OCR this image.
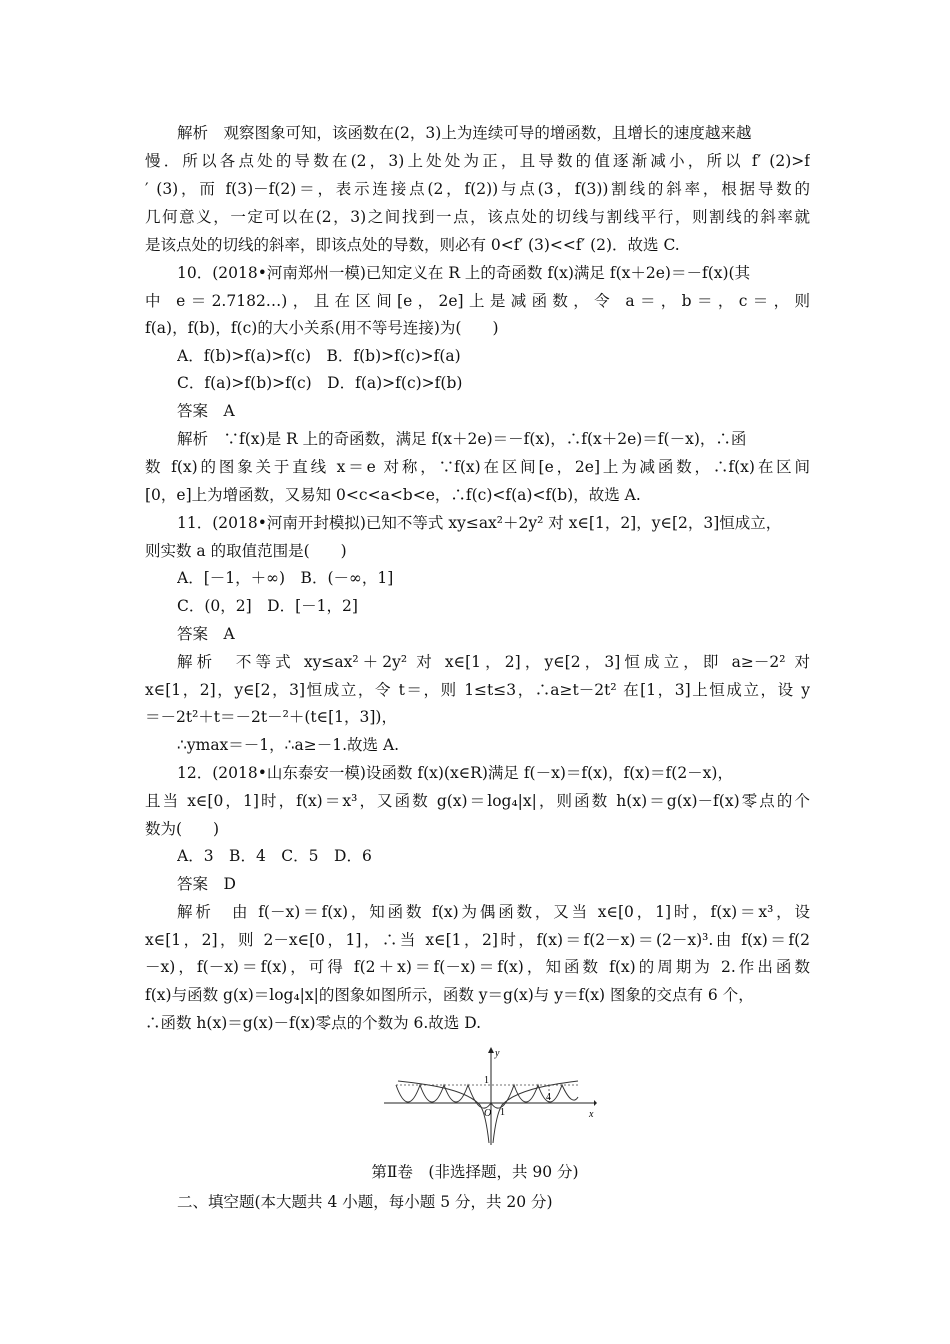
解析　观察图象可知，该函数在(2，3)上为连续可导的增函数，且增长的速度越来越
慢．所以各点处的导数在(2，3)上处处为正，且导数的值逐渐减小，所以 f′ (2)>f
′ (3)，而 f(3)－f(2)＝，表示连接点(2，f(2))与点(3，f(3))割线的斜率，根据导数的
几何意义，一定可以在(2，3)之间找到一点，该点处的切线与割线平行，则割线的斜率就
是该点处的切线的斜率，即该点处的导数，则必有 0<f′ (3)<<f′ (2)．故选 C.
10．(2018•河南郑州一模)已知定义在 R 上的奇函数 f(x)满足 f(x＋2e)＝－f(x)(其
中 e＝2.7182…)，且在区间[e，2e]上是减函数，令 a＝，b＝，c＝，则
f(a)，f(b)，f(c)的大小关系(用不等号连接)为(　　)
A．f(b)>f(a)>f(c)　B．f(b)>f(c)>f(a)
C．f(a)>f(b)>f(c)　D．f(a)>f(c)>f(b)
答案　A
解析　∵f(x)是 R 上的奇函数，满足 f(x＋2e)＝－f(x)，∴f(x＋2e)＝f(－x)，∴函
数 f(x)的图象关于直线 x＝e 对称，∵f(x)在区间[e，2e]上为减函数，∴f(x)在区间
[0，e]上为增函数，又易知 0<c<a<b<e，∴f(c)<f(a)<f(b)，故选 A.
11．(2018•河南开封模拟)已知不等式 xy≤ax²＋2y² 对 x∈[1，2]，y∈[2，3]恒成立，
则实数 a 的取值范围是(　　)
A．[－1，＋∞)　B．(－∞，1]
C．(0，2]　D．[－1，2]
答案　A
解析　不等式 xy≤ax²＋2y² 对 x∈[1，2]，y∈[2，3]恒成立，即 a≥－2² 对
x∈[1，2]，y∈[2，3]恒成立，令 t＝，则 1≤t≤3，∴a≥t－2t² 在[1，3]上恒成立，设 y
＝－2t²＋t＝－2t－²＋(t∈[1，3])，
∴ymax＝－1，∴a≥－1.故选 A.
12．(2018•山东泰安一模)设函数 f(x)(x∈R)满足 f(－x)＝f(x)，f(x)＝f(2－x)，
且当 x∈[0，1]时，f(x)＝x³，又函数 g(x)＝log₄|x|，则函数 h(x)＝g(x)－f(x)零点的个
数为(　　)
A．3　B．4　C．5　D．6
答案　D
解析　由 f(－x)＝f(x)，知函数 f(x)为偶函数，又当 x∈[0，1]时，f(x)＝x³，设
x∈[1，2]，则 2－x∈[0，1]，∴当 x∈[1，2]时，f(x)＝f(2－x)＝(2－x)³.由 f(x)＝f(2
－x)，f(－x)＝f(x)，可得 f(2＋x)＝f(－x)＝f(x)，知函数 f(x)的周期为 2.作出函数
f(x)与函数 g(x)＝log₄|x|的图象如图所示，函数 y＝g(x)与 y＝f(x) 图象的交点有 6 个，
∴函数 h(x)＝g(x)－f(x)零点的个数为 6.故选 D.
y
x
1
O 1
4
第Ⅱ卷　(非选择题，共 90 分)
二、填空题(本大题共 4 小题，每小题 5 分，共 20 分)
